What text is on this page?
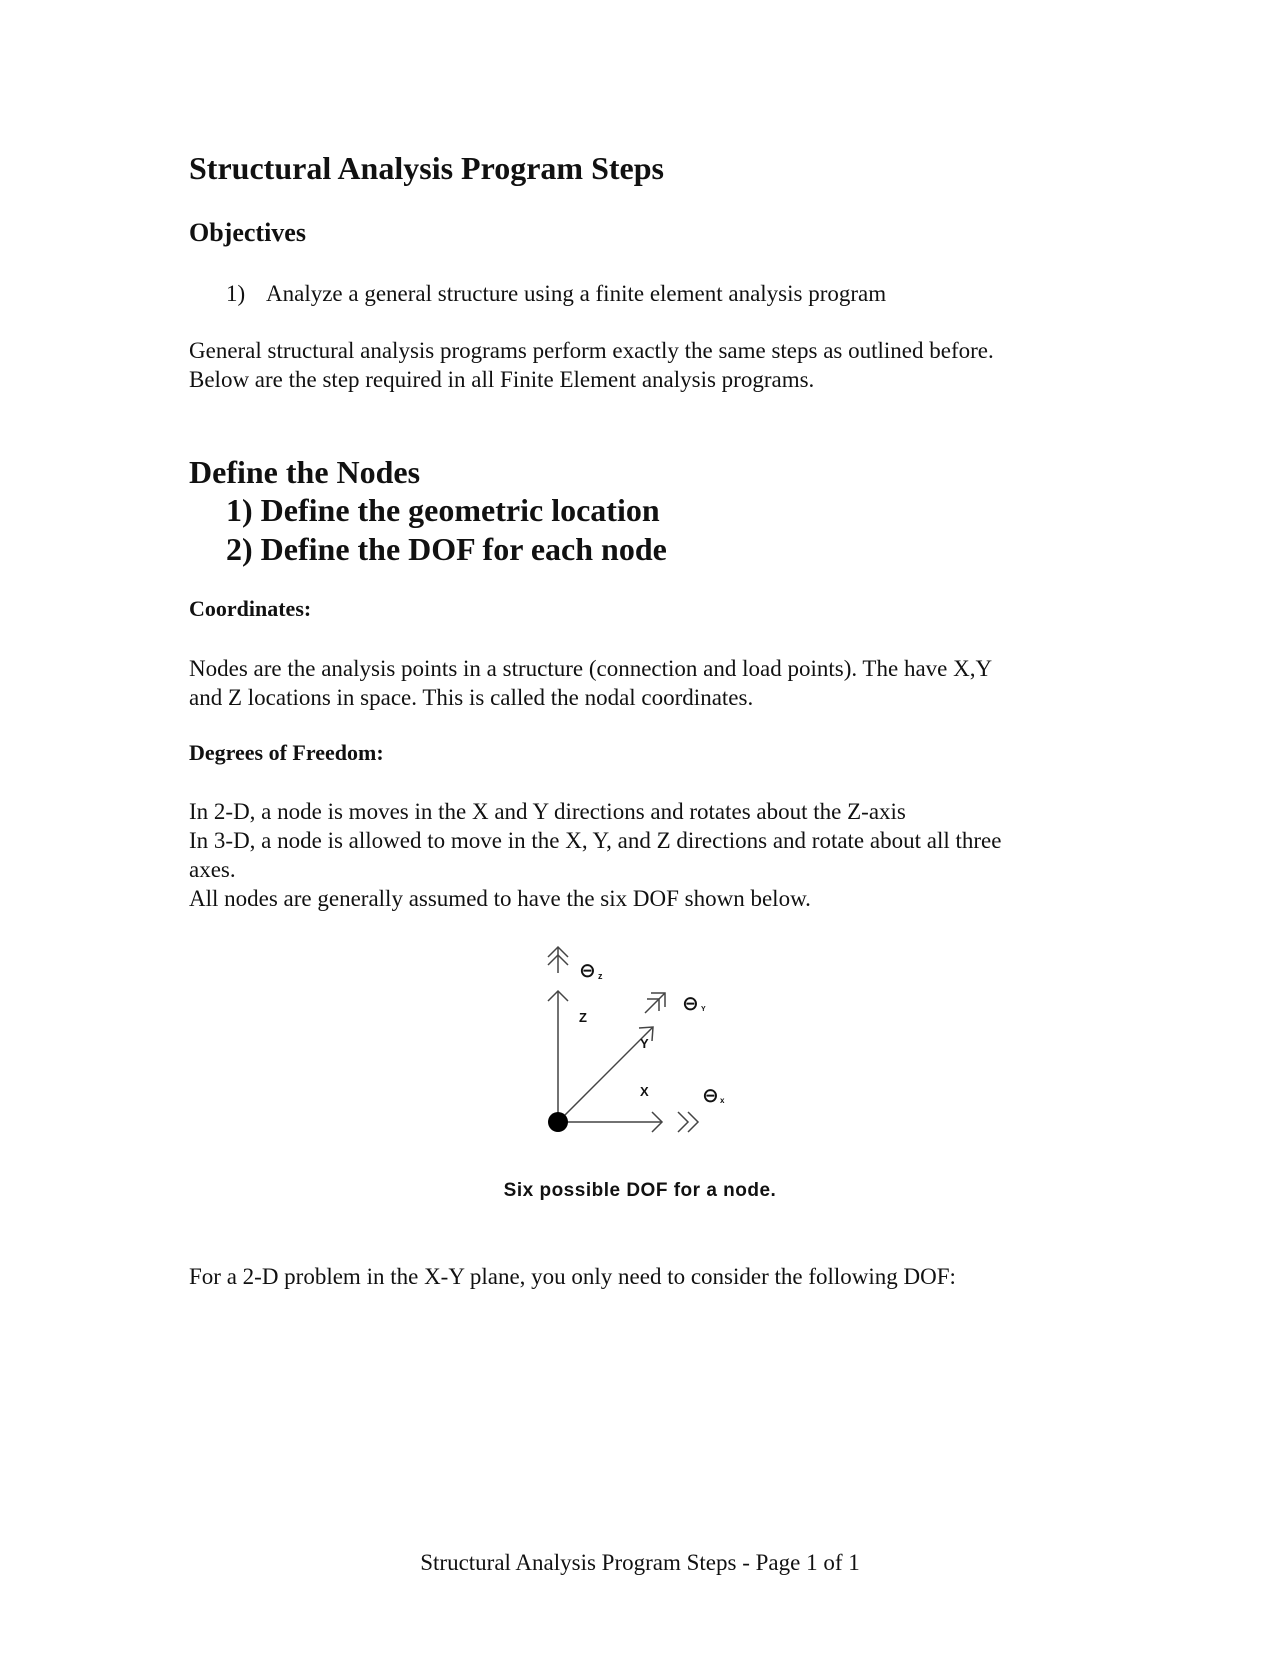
Structural Analysis Program Steps
Objectives
1) Analyze a general structure using a finite element analysis program

General structural analysis programs perform exactly the same steps as outlined before.

Below are the step required in all Finite Element analysis programs.

Define the Nodes
1) Define the geometric location
2) Define the DOF for each node
Coordinates:

Nodes are the analysis points in a structure (connection and load points). The have X,Y

and Z locations in space. This is called the nodal coordinates.

Degrees of Freedom:

In 2-D, a node is moves in the X and Y directions and rotates about the Z-axis

In 3-D, a node is allowed to move in the X, Y, and Z directions and rotate about all three

axes.

All nodes are generally assumed to have the six DOF shown below.

⊖ z
Z
⊖ Y
Y
X	⊖ x
Six possible DOF for a node.

For a 2-D problem in the X-Y plane, you only need to consider the following DOF:

Structural Analysis Program Steps - Page 1 of 1
